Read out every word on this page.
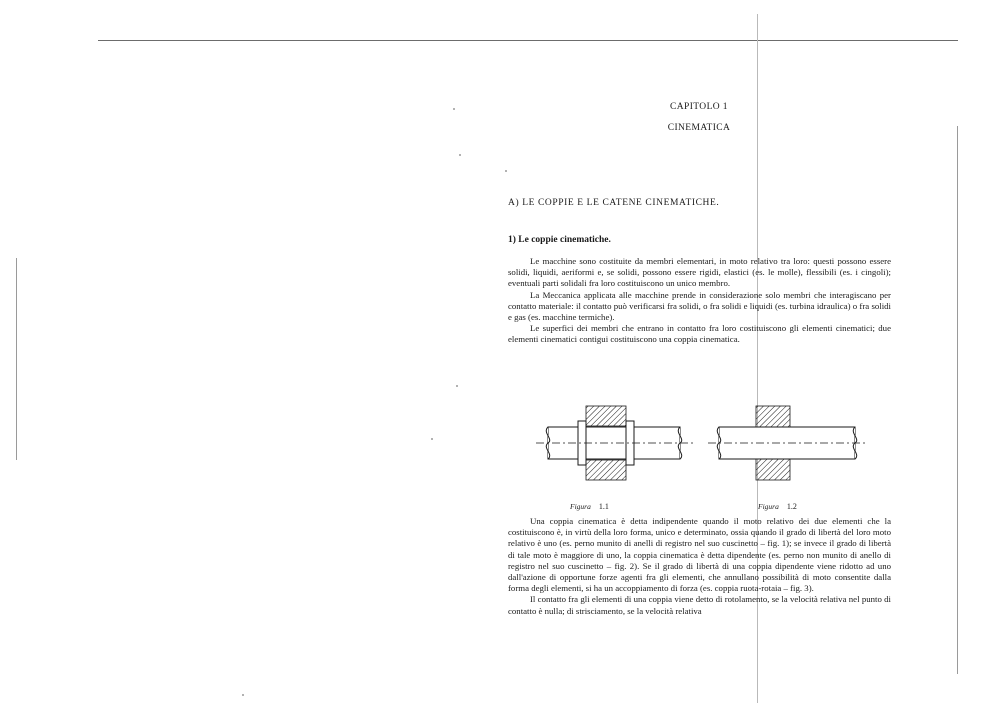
CAPITOLO 1
CINEMATICA
A) LE COPPIE E LE CATENE CINEMATICHE.
1) Le coppie cinematiche.

Le macchine sono costituite da membri elementari, in moto relativo tra loro: questi possono essere solidi, liquidi, aeriformi e, se solidi, possono essere rigidi, elastici (es. le molle), flessibili (es. i cingoli); eventuali parti solidali fra loro costituiscono un unico membro.

La Meccanica applicata alle macchine prende in considerazione solo membri che interagiscano per contatto materiale: il contatto può verificarsi fra solidi, o fra solidi e liquidi (es. turbina idraulica) o fra solidi e gas (es. macchine termiche).

Le superfici dei membri che entrano in contatto fra loro costituiscono gli elementi cinematici; due elementi cinematici contigui costituiscono una coppia cinematica.

Figura 1.1	Figura 1.2

Una coppia cinematica è detta indipendente quando il moto relativo dei due elementi che la costituiscono è, in virtù della loro forma, unico e determinato, ossia quando il grado di libertà del loro moto relativo è uno (es. perno munito di anelli di registro nel suo cuscinetto – fig. 1); se invece il grado di libertà di tale moto è maggiore di uno, la coppia cinematica è detta dipendente (es. perno non munito di anello di registro nel suo cuscinetto – fig. 2). Se il grado di libertà di una coppia dipendente viene ridotto ad uno dall'azione di opportune forze agenti fra gli elementi, che annullano possibilità di moto consentite dalla forma degli elementi, si ha un accoppiamento di forza (es. coppia ruota-rotaia – fig. 3).

Il contatto fra gli elementi di una coppia viene detto di rotolamento, se la velocità relativa nel punto di contatto è nulla; di strisciamento, se la velocità relativa
